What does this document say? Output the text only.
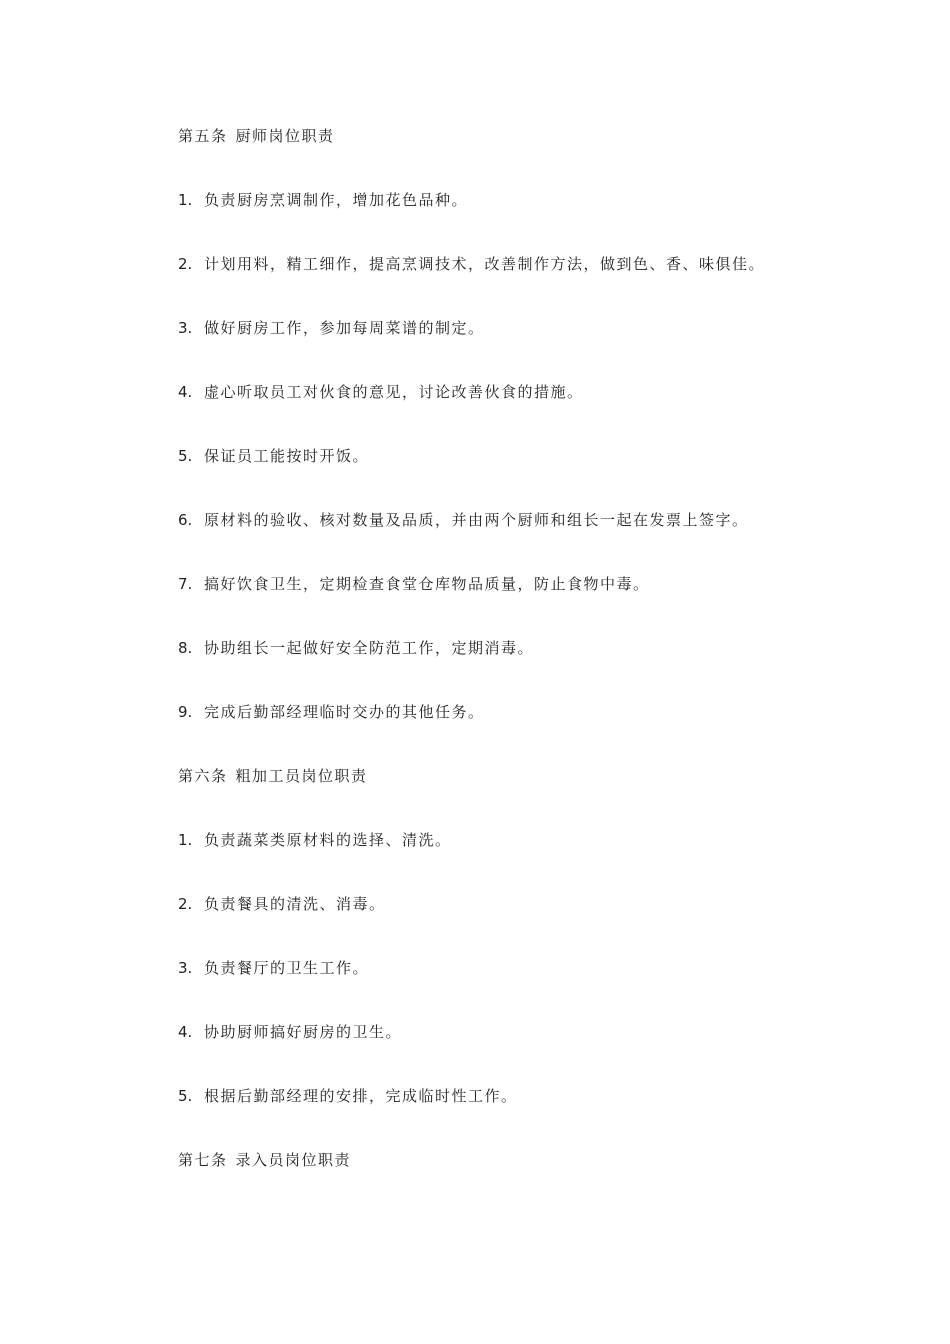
第五条 厨师岗位职责
1. 负责厨房烹调制作，增加花色品种。
2. 计划用料，精工细作，提高烹调技术，改善制作方法，做到色、香、味俱佳。
3. 做好厨房工作，参加每周菜谱的制定。
4. 虚心听取员工对伙食的意见，讨论改善伙食的措施。
5. 保证员工能按时开饭。
6. 原材料的验收、核对数量及品质，并由两个厨师和组长一起在发票上签字。
7. 搞好饮食卫生，定期检查食堂仓库物品质量，防止食物中毒。
8. 协助组长一起做好安全防范工作，定期消毒。
9. 完成后勤部经理临时交办的其他任务。
第六条 粗加工员岗位职责
1. 负责蔬菜类原材料的选择、清洗。
2. 负责餐具的清洗、消毒。
3. 负责餐厅的卫生工作。
4. 协助厨师搞好厨房的卫生。
5. 根据后勤部经理的安排，完成临时性工作。
第七条 录入员岗位职责
